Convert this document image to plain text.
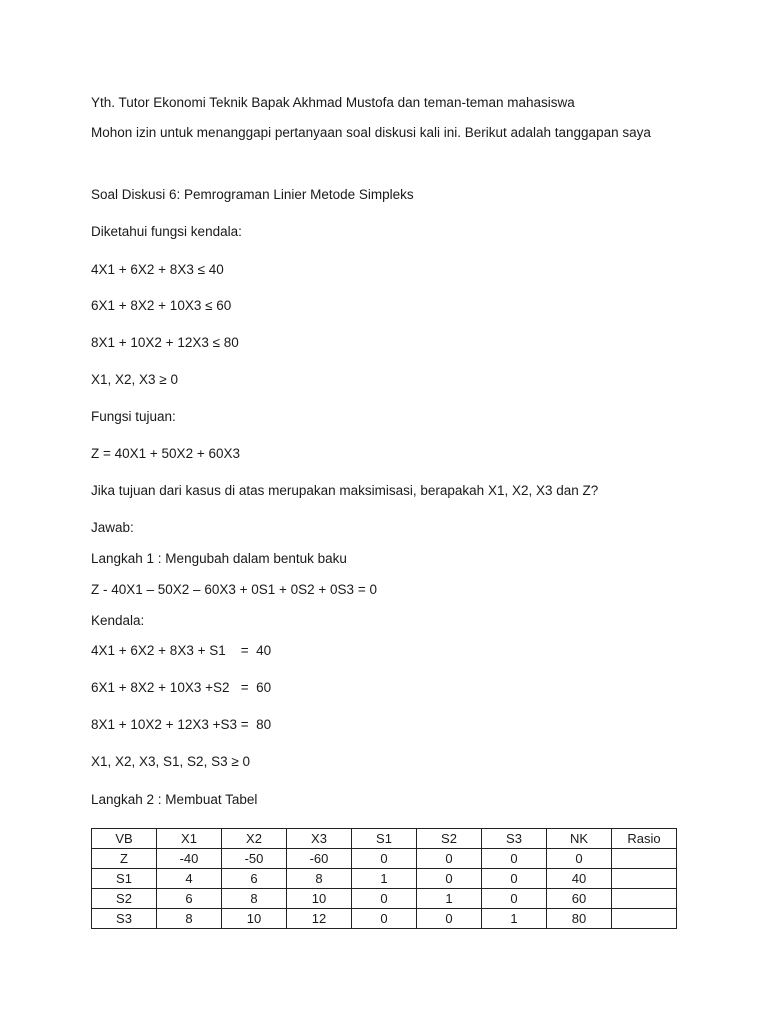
Yth. Tutor Ekonomi Teknik Bapak Akhmad Mustofa dan teman-teman mahasiswa
Mohon izin untuk menanggapi pertanyaan soal diskusi kali ini. Berikut adalah tanggapan saya
Soal Diskusi 6: Pemrograman Linier Metode Simpleks
Diketahui fungsi kendala:
4X1 + 6X2 + 8X3 ≤ 40
6X1 + 8X2 + 10X3 ≤ 60
8X1 + 10X2 + 12X3 ≤ 80
X1, X2, X3 ≥ 0
Fungsi tujuan:
Z = 40X1 + 50X2 + 60X3
Jika tujuan dari kasus di atas merupakan maksimisasi, berapakah X1, X2, X3 dan Z?
Jawab:
Langkah 1 : Mengubah dalam bentuk baku
Z - 40X1 – 50X2 – 60X3 + 0S1 + 0S2 + 0S3 = 0
Kendala:
4X1 + 6X2 + 8X3 + S1    =  40
6X1 + 8X2 + 10X3 +S2   =  60
8X1 + 10X2 + 12X3 +S3 =  80
X1, X2, X3, S1, S2, S3 ≥ 0
Langkah 2 : Membuat Tabel
VB	X1	X2	X3	S1	S2	S3	NK	Rasio
Z	-40	-50	-60	0	0	0	0	
S1	4	6	8	1	0	0	40	
S2	6	8	10	0	1	0	60	
S3	8	10	12	0	0	1	80	
